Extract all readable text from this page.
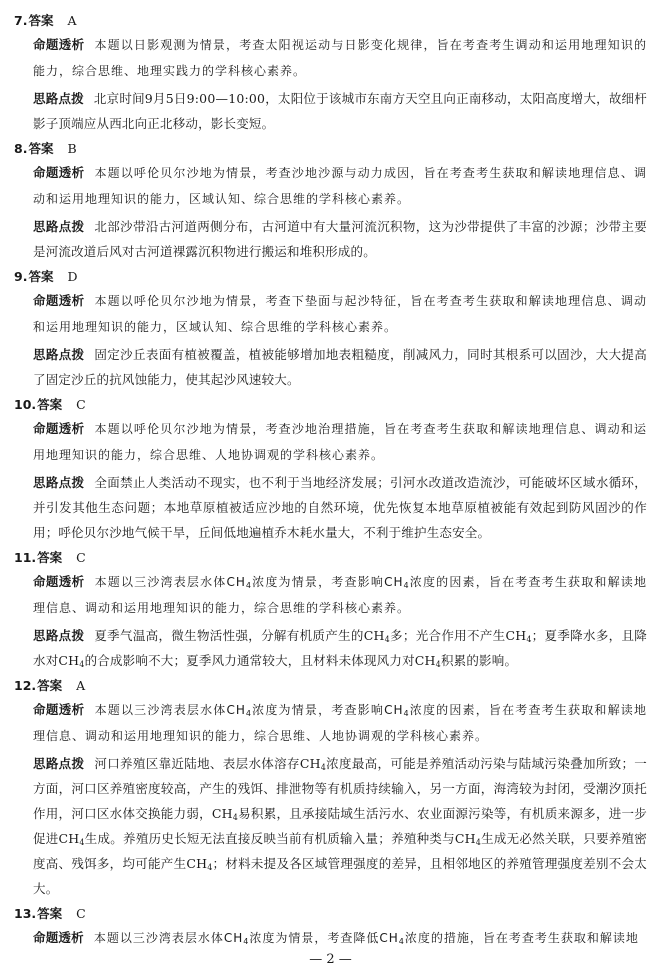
7.答案 A
命题透析 本题以日影观测为情景，考查太阳视运动与日影变化规律，旨在考查考生调动和运用地理知识的能力，综合思维、地理实践力的学科核心素养。
思路点拨 北京时间9月5日9:00—10:00，太阳位于该城市东南方天空且向正南移动，太阳高度增大，故细杆影子顶端应从西北向正北移动，影长变短。
8.答案 B
命题透析 本题以呼伦贝尔沙地为情景，考查沙地沙源与动力成因，旨在考查考生获取和解读地理信息、调动和运用地理知识的能力，区域认知、综合思维的学科核心素养。
思路点拨 北部沙带沿古河道两侧分布，古河道中有大量河流沉积物，这为沙带提供了丰富的沙源；沙带主要是河流改道后风对古河道裸露沉积物进行搬运和堆积形成的。
9.答案 D
命题透析 本题以呼伦贝尔沙地为情景，考查下垫面与起沙特征，旨在考查考生获取和解读地理信息、调动和运用地理知识的能力，区域认知、综合思维的学科核心素养。
思路点拨 固定沙丘表面有植被覆盖，植被能够增加地表粗糙度，削减风力，同时其根系可以固沙，大大提高了固定沙丘的抗风蚀能力，使其起沙风速较大。
10.答案 C
命题透析 本题以呼伦贝尔沙地为情景，考查沙地治理措施，旨在考查考生获取和解读地理信息、调动和运用地理知识的能力，综合思维、人地协调观的学科核心素养。
思路点拨 全面禁止人类活动不现实，也不利于当地经济发展；引河水改道改造流沙，可能破坏区域水循环，并引发其他生态问题；本地草原植被适应沙地的自然环境，优先恢复本地草原植被能有效起到防风固沙的作用；呼伦贝尔沙地气候干旱，丘间低地遍植乔木耗水量大，不利于维护生态安全。
11.答案 C
命题透析 本题以三沙湾表层水体$CH_4$浓度为情景，考查影响$CH_4$浓度的因素，旨在考查考生获取和解读地理信息、调动和运用地理知识的能力，综合思维的学科核心素养。
思路点拨 夏季气温高，微生物活性强，分解有机质产生的$CH_4$多；光合作用不产生$CH_4$；夏季降水多，且降水对$CH_4$的合成影响不大；夏季风力通常较大，且材料未体现风力对$CH_4$积累的影响。
12.答案 A
命题透析 本题以三沙湾表层水体$CH_4$浓度为情景，考查影响$CH_4$浓度的因素，旨在考查考生获取和解读地理信息、调动和运用地理知识的能力，综合思维、人地协调观的学科核心素养。
思路点拨 河口养殖区靠近陆地、表层水体溶存$CH_4$浓度最高，可能是养殖活动污染与陆域污染叠加所致；一方面，河口区养殖密度较高，产生的残饵、排泄物等有机质持续输入，另一方面，海湾较为封闭，受潮汐顶托作用，河口区水体交换能力弱，$CH_4$易积累，且承接陆域生活污水、农业面源污染等，有机质来源多，进一步促进$CH_4$生成。养殖历史长短无法直接反映当前有机质输入量；养殖种类与$CH_4$生成无必然关联，只要养殖密度高、残饵多，均可能产生$CH_4$；材料未提及各区域管理强度的差异，且相邻地区的养殖管理强度差别不会太大。
13.答案 C
命题透析 本题以三沙湾表层水体$CH_4$浓度为情景，考查降低$CH_4$浓度的措施，旨在考查考生获取和解读地
— 2 —
